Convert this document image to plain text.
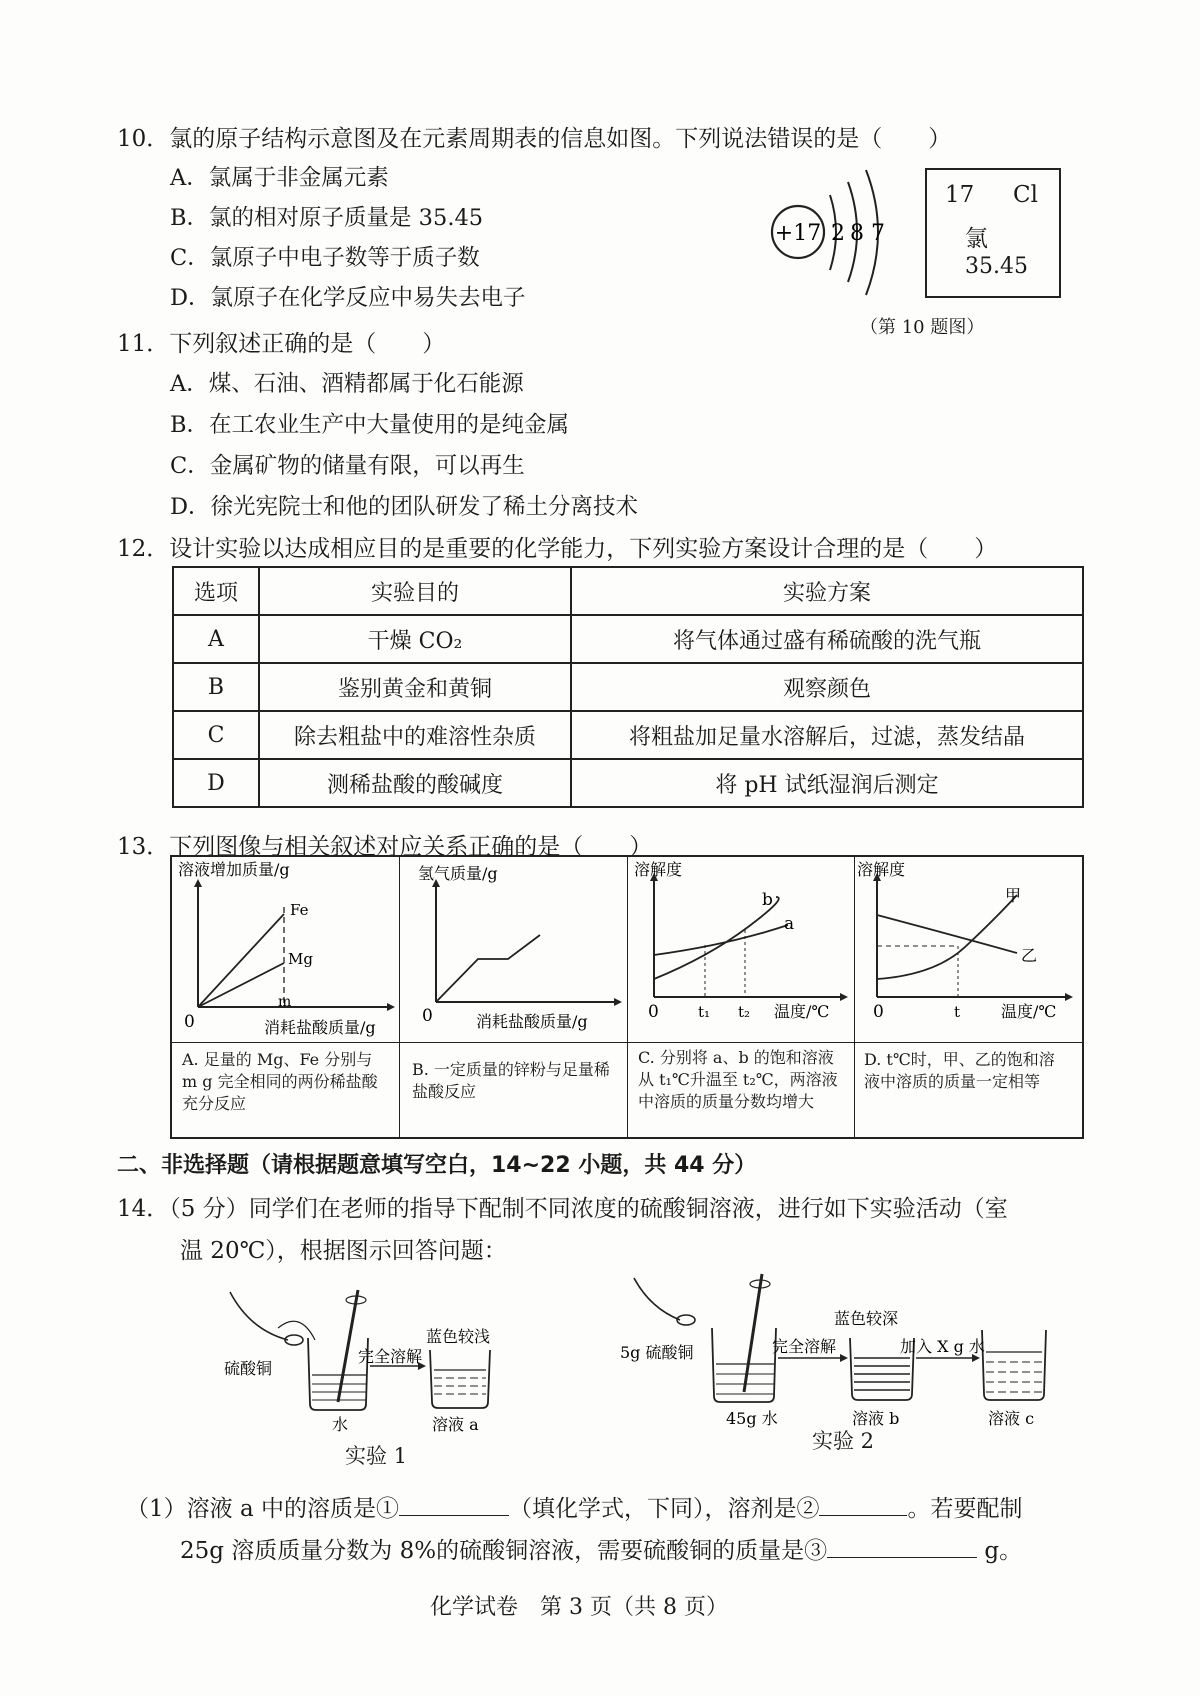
10．氯的原子结构示意图及在元素周期表的信息如图。下列说法错误的是（　　）
A．氯属于非金属元素
B．氯的相对原子质量是 35.45
C．氯原子中电子数等于质子数
D．氯原子在化学反应中易失去电子
+17 2 8 7
17 Cl
氯
35.45
（第 10 题图）
11．下列叙述正确的是（　　）
A．煤、石油、酒精都属于化石能源
B．在工农业生产中大量使用的是纯金属
C．金属矿物的储量有限，可以再生
D．徐光宪院士和他的团队研发了稀土分离技术
12．设计实验以达成相应目的是重要的化学能力，下列实验方案设计合理的是（　　）
选项	实验目的	实验方案
A	干燥 CO₂	将气体通过盛有稀硫酸的洗气瓶
B	鉴别黄金和黄铜	观察颜色
C	除去粗盐中的难溶性杂质	将粗盐加足量水溶解后，过滤，蒸发结晶
D	测稀盐酸的酸碱度	将 pH 试纸湿润后测定
13．下列图像与相关叙述对应关系正确的是（　　）
溶液增加质量/g
Fe
Mg
m
0	消耗盐酸质量/g
氢气质量/g
0	消耗盐酸质量/g
溶解度
b
a
0	t₁ t₂ 温度/℃
溶解度
甲
乙
0	t	温度/℃
A. 足量的 Mg、Fe 分别与 m g 完全相同的两份稀盐酸充分反应
B. 一定质量的锌粉与足量稀盐酸反应
C. 分别将 a、b 的饱和溶液从 t₁℃升温至 t₂℃，两溶液中溶质的质量分数均增大
D. t℃时，甲、乙的饱和溶液中溶质的质量一定相等
二、非选择题（请根据题意填写空白，14~22 小题，共 44 分）
14．（5 分）同学们在老师的指导下配制不同浓度的硫酸铜溶液，进行如下实验活动（室
温 20℃），根据图示回答问题：
硫酸铜
水
完全溶解
蓝色较浅
溶液 a
实验 1
5g 硫酸铜
45g 水
完全溶解
蓝色较深
溶液 b
加入 X g 水
溶液 c
实验 2
（1）溶液 a 中的溶质是①	（填化学式，下同），溶剂是②	。若要配制
25g 溶质质量分数为 8%的硫酸铜溶液，需要硫酸铜的质量是③	g。
化学试卷　第 3 页（共 8 页）
